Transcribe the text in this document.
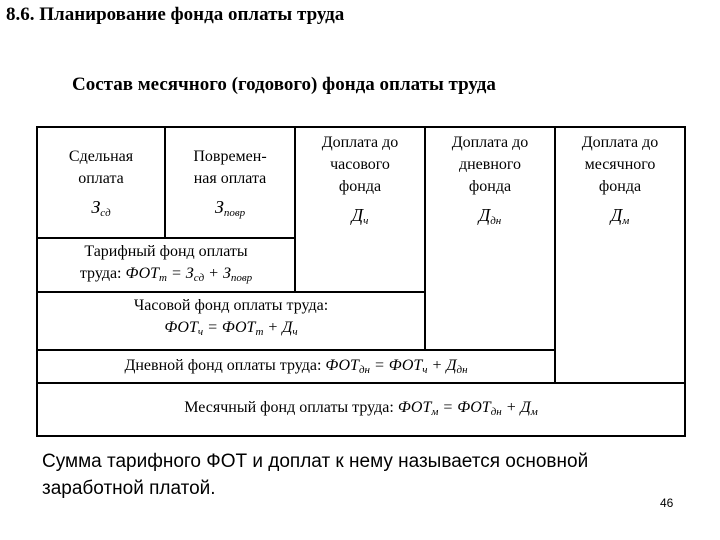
8.6. Планирование фонда оплаты труда
Состав месячного (годового) фонда оплаты труда
Сдельная
оплата
$З_{сд}$
Повремен-
ная оплата
$З_{повр}$
Доплата до
часового
фонда
$Д_ч$
Доплата до
дневного
фонда
$Д_{дн}$
Доплата до
месячного
фонда
$Д_м$
Тарифный фонд оплаты
труда: $ФОТ_т = З_{сд} + З_{повр}$
Часовой фонд оплаты труда:
$ФОТ_ч = ФОТ_т + Д_ч$
Дневной фонд оплаты труда: $ФОТ_{дн} = ФОТ_ч + Д_{дн}$
Месячный фонд оплаты труда: $ФОТ_м = ФОТ_{дн} + Д_м$
Сумма тарифного ФОТ и доплат к нему называется основной
заработной платой.
46
